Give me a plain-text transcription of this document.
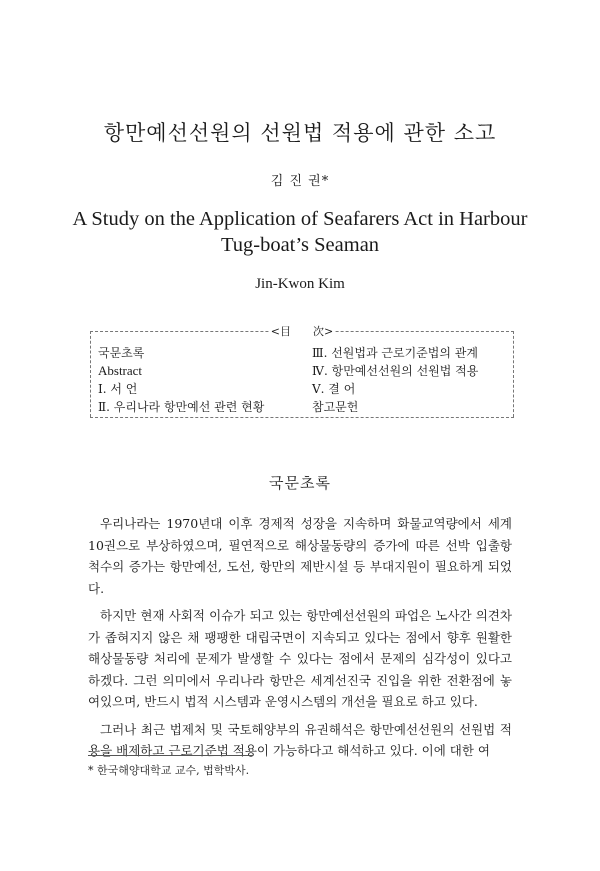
항만예선선원의 선원법 적용에 관한 소고
김 진 권*
A Study on the Application of Seafarers Act in Harbour
Tug-boat’s Seaman
Jin-Kwon Kim
<目　　次>
국문초록
Abstract
Ⅰ. 서 언
Ⅱ. 우리나라 항만예선 관련 현황
Ⅲ. 선원법과 근로기준법의 관계
Ⅳ. 항만예선선원의 선원법 적용
Ⅴ. 결 어
참고문헌
국문초록

우리나라는 1970년대 이후 경제적 성장을 지속하며 화물교역량에서 세계 10권으로 부상하였으며, 필연적으로 해상물동량의 증가에 따른 선박 입출항 척수의 증가는 항만예선, 도선, 항만의 제반시설 등 부대지원이 필요하게 되었다.

하지만 현재 사회적 이슈가 되고 있는 항만예선선원의 파업은 노사간 의견차가 좁혀지지 않은 채 팽팽한 대립국면이 지속되고 있다는 점에서 향후 원활한 해상물동량 처리에 문제가 발생할 수 있다는 점에서 문제의 심각성이 있다고 하겠다. 그런 의미에서 우리나라 항만은 세계선진국 진입을 위한 전환점에 놓여있으며, 반드시 법적 시스템과 운영시스템의 개선을 필요로 하고 있다.

그러나 최근 법제처 및 국토해양부의 유권해석은 항만예선선원의 선원법 적용을 배제하고 근로기준법 적용이 가능하다고 해석하고 있다. 이에 대한 여

* 한국해양대학교 교수, 법학박사.
